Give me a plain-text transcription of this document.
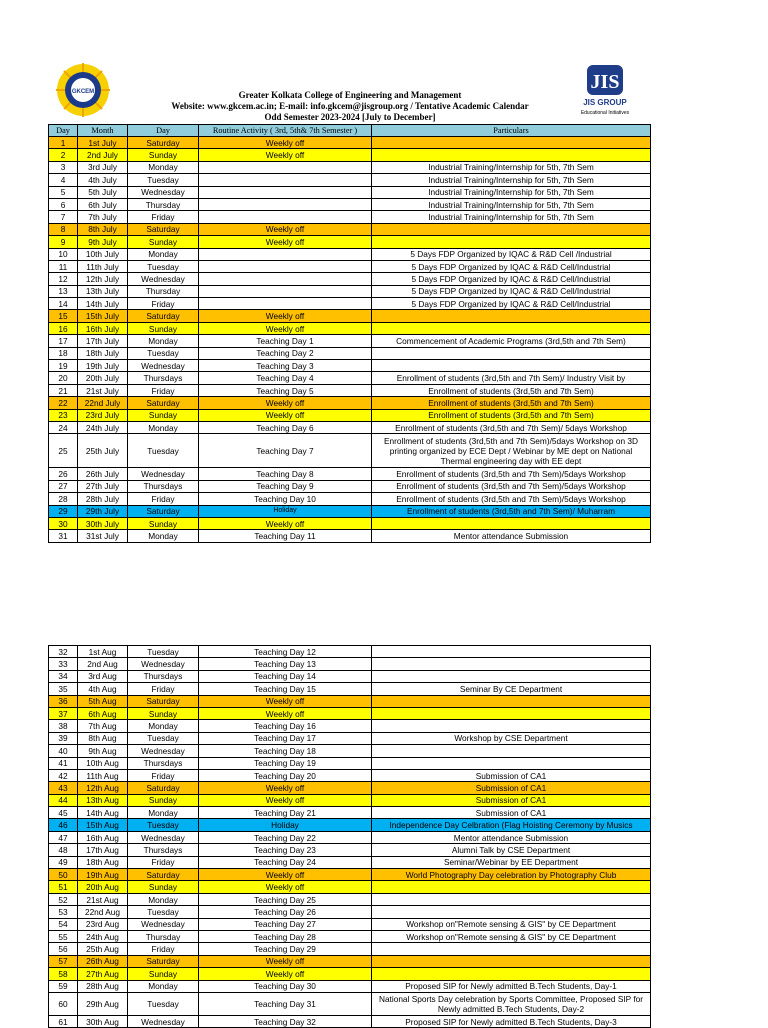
GKCEM	Greater Kolkata College of Engineering and Management
Website: www.gkcem.ac.in; E-mail: info.gkcem@jisgroup.org / Tentative Academic Calendar
Odd Semester 2023-2024 [July to December]
JIS
JIS GROUP
Educational Initiatives
Day	Month	Day	Routine Activity ( 3rd, 5th& 7th Semester )	Particulars
1	1st July	Saturday	Weekly off	
2	2nd July	Sunday	Weekly off	
3	3rd July	Monday		Industrial Training/Internship for 5th, 7th Sem
4	4th July	Tuesday		Industrial Training/Internship for 5th, 7th Sem
5	5th July	Wednesday		Industrial Training/Internship for 5th, 7th Sem
6	6th July	Thursday		Industrial Training/Internship for 5th, 7th Sem
7	7th July	Friday		Industrial Training/Internship for 5th, 7th Sem
8	8th July	Saturday	Weekly off	
9	9th July	Sunday	Weekly off	
10	10th July	Monday		5 Days FDP Organized by IQAC & R&D Cell /Industrial
11	11th July	Tuesday		5 Days FDP Organized by IQAC & R&D Cell/Industrial
12	12th July	Wednesday		5 Days FDP Organized by IQAC & R&D Cell/Industrial
13	13th July	Thursday		5 Days FDP Organized by IQAC & R&D Cell/Industrial
14	14th July	Friday		5 Days FDP Organized by IQAC & R&D Cell/Industrial
15	15th July	Saturday	Weekly off	
16	16th July	Sunday	Weekly off	
17	17th July	Monday	Teaching Day 1	Commencement of Academic Programs (3rd,5th and 7th Sem)
18	18th July	Tuesday	Teaching Day 2	
19	19th July	Wednesday	Teaching Day 3	
20	20th July	Thursdays	Teaching Day 4	Enrollment of students (3rd,5th and 7th Sem)/ Industry Visit by
21	21st July	Friday	Teaching Day 5	Enrollment of students (3rd,5th and 7th Sem)
22	22nd July	Saturday	Weekly off	Enrollment of students (3rd,5th and 7th Sem)
23	23rd July	Sunday	Weekly off	Enrollment of students (3rd,5th and 7th Sem)
24	24th July	Monday	Teaching Day 6	Enrollment of students (3rd,5th and 7th Sem)/ 5days Workshop
25	25th July	Tuesday	Teaching Day 7	Enrollment of students (3rd,5th and 7th Sem)/5days Workshop on 3D printing organized by ECE Dept / Webinar by ME dept on National Thermal engineering day with EE dept
26	26th July	Wednesday	Teaching Day 8	Enrollment of students (3rd,5th and 7th Sem)/5days Workshop
27	27th July	Thursdays	Teaching Day 9	Enrollment of students (3rd,5th and 7th Sem)/5days Workshop
28	28th July	Friday	Teaching Day 10	Enrollment of students (3rd,5th and 7th Sem)/5days Workshop
29	29th July	Saturday	Holiday	Enrollment of students (3rd,5th and 7th Sem)/ Muharram
30	30th July	Sunday	Weekly off	
31	31st July	Monday	Teaching Day 11	Mentor attendance Submission
32	1st Aug	Tuesday	Teaching Day 12	
33	2nd Aug	Wednesday	Teaching Day 13	
34	3rd Aug	Thursdays	Teaching Day 14	
35	4th Aug	Friday	Teaching Day 15	Seminar By CE Department
36	5th Aug	Saturday	Weekly off	
37	6th Aug	Sunday	Weekly off	
38	7th Aug	Monday	Teaching Day 16	
39	8th Aug	Tuesday	Teaching Day 17	Workshop by CSE Department
40	9th Aug	Wednesday	Teaching Day 18	
41	10th Aug	Thursdays	Teaching Day 19	
42	11th Aug	Friday	Teaching Day 20	Submission of CA1
43	12th Aug	Saturday	Weekly off	Submission of CA1
44	13th Aug	Sunday	Weekly off	Submission of CA1
45	14th Aug	Monday	Teaching Day 21	Submission of CA1
46	15th Aug	Tuesday	Holiday	Independence Day Celbration (Flag Hoisting Ceremony by Musics
47	16th Aug	Wednesday	Teaching Day 22	Mentor attendance Submission
48	17th Aug	Thursdays	Teaching Day 23	Alumni Talk by CSE Department
49	18th Aug	Friday	Teaching Day 24	Seminar/Webinar by EE Department
50	19th Aug	Saturday	Weekly off	World Photography Day celebration by Photography Club
51	20th Aug	Sunday	Weekly off	
52	21st Aug	Monday	Teaching Day 25	
53	22nd Aug	Tuesday	Teaching Day 26	
54	23rd Aug	Wednesday	Teaching Day 27	Workshop on"Remote sensing & GIS" by CE Department
55	24th Aug	Thursday	Teaching Day 28	Workshop on"Remote sensing & GIS" by CE Department
56	25th Aug	Friday	Teaching Day 29	
57	26th Aug	Saturday	Weekly off	
58	27th Aug	Sunday	Weekly off	
59	28th Aug	Monday	Teaching Day 30	Proposed SIP for Newly admitted B.Tech Students, Day-1
60	29th Aug	Tuesday	Teaching Day 31	National Sports Day celebration by Sports Committee, Proposed SIP for Newly admitted B.Tech Students, Day-2
61	30th Aug	Wednesday	Teaching Day 32	Proposed SIP for Newly admitted B.Tech Students, Day-3
